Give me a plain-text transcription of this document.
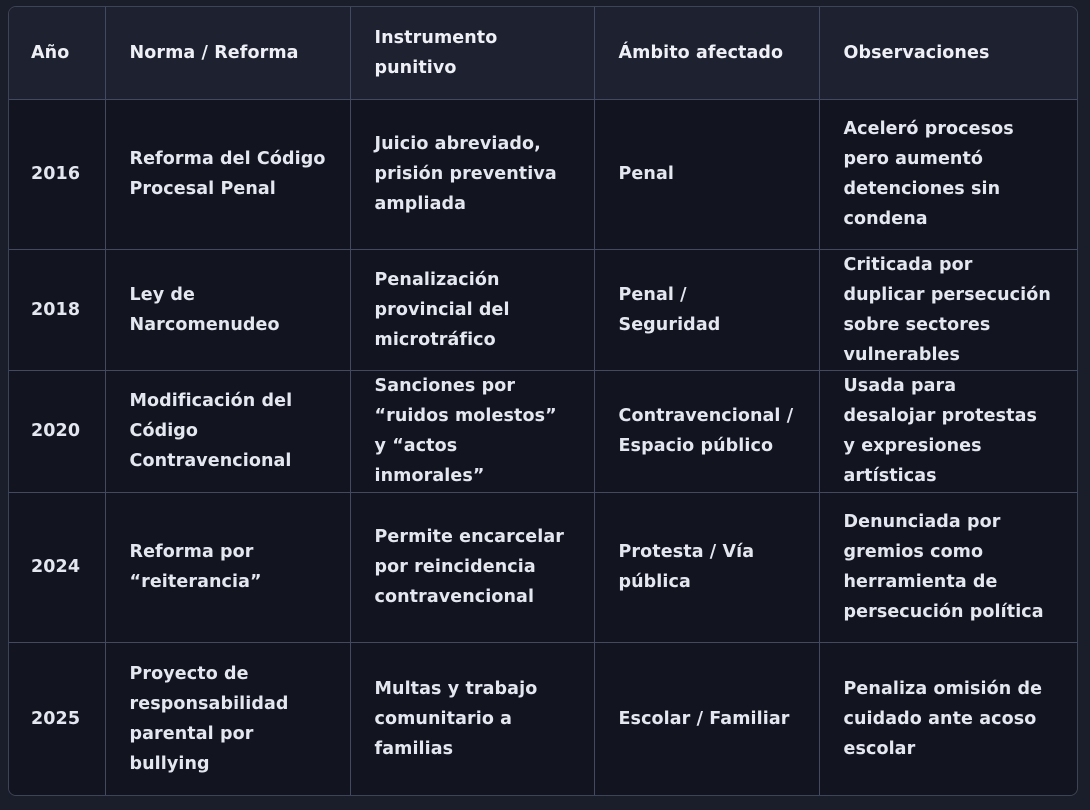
Año	Norma / Reforma	Instrumento punitivo	Ámbito afectado	Observaciones
2016	Reforma del Código Procesal Penal	Juicio abreviado, prisión preventiva ampliada	Penal	Aceleró procesos pero aumentó detenciones sin condena
2018	Ley de Narcomenudeo	Penalización provincial del microtráfico	Penal / Seguridad	Criticada por duplicar persecución sobre sectores vulnerables
2020	Modificación del Código Contravencional	Sanciones por “ruidos molestos” y “actos inmorales”	Contravencional / Espacio público	Usada para desalojar protestas y expresiones artísticas
2024	Reforma por “reiterancia”	Permite encarcelar por reincidencia contravencional	Protesta / Vía pública	Denunciada por gremios como herramienta de persecución política
2025	Proyecto de responsabilidad parental por bullying	Multas y trabajo comunitario a familias	Escolar / Familiar	Penaliza omisión de cuidado ante acoso escolar
